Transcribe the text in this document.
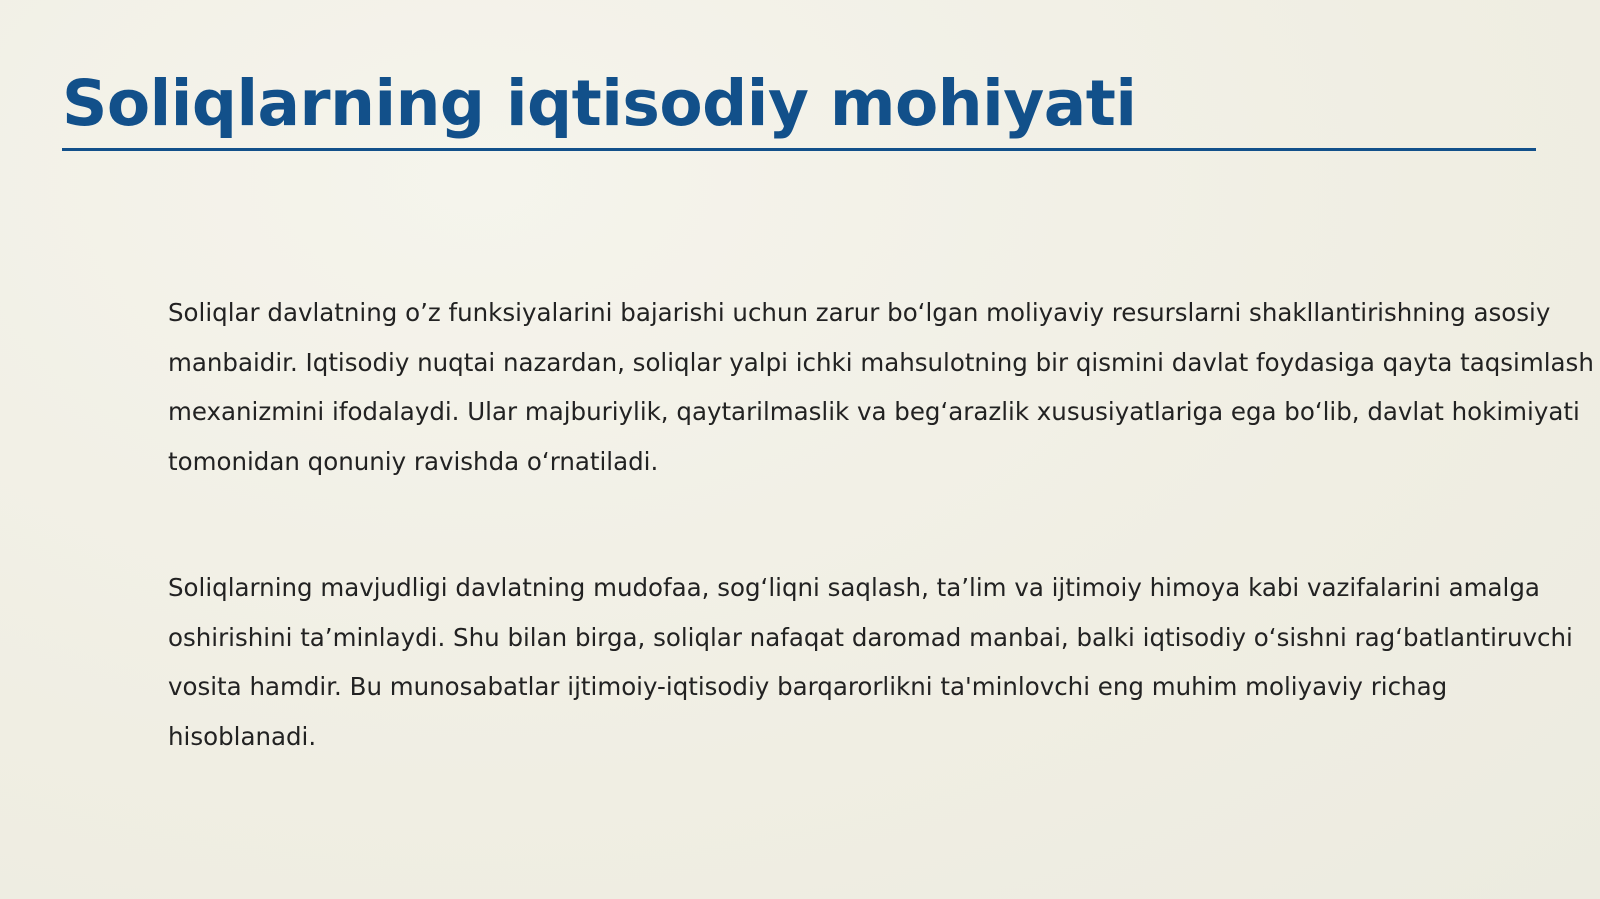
Soliqlarning iqtisodiy mohiyati

Soliqlar davlatning o’z funksiyalarini bajarishi uchun zarur bo‘lgan moliyaviy resurslarni shakllantirishning asosiy manbaidir. Iqtisodiy nuqtai nazardan, soliqlar yalpi ichki mahsulotning bir qismini davlat foydasiga qayta taqsimlash mexanizmini ifodalaydi. Ular majburiylik, qaytarilmaslik va beg‘arazlik xususiyatlariga ega bo‘lib, davlat hokimiyati tomonidan qonuniy ravishda o‘rnatiladi.

Soliqlarning mavjudligi davlatning mudofaa, sog‘liqni saqlash, ta’lim va ijtimoiy himoya kabi vazifalarini amalga oshirishini ta’minlaydi. Shu bilan birga, soliqlar nafaqat daromad manbai, balki iqtisodiy o‘sishni rag‘batlantiruvchi vosita hamdir. Bu munosabatlar ijtimoiy-iqtisodiy barqarorlikni ta'minlovchi eng muhim moliyaviy richag hisoblanadi.
